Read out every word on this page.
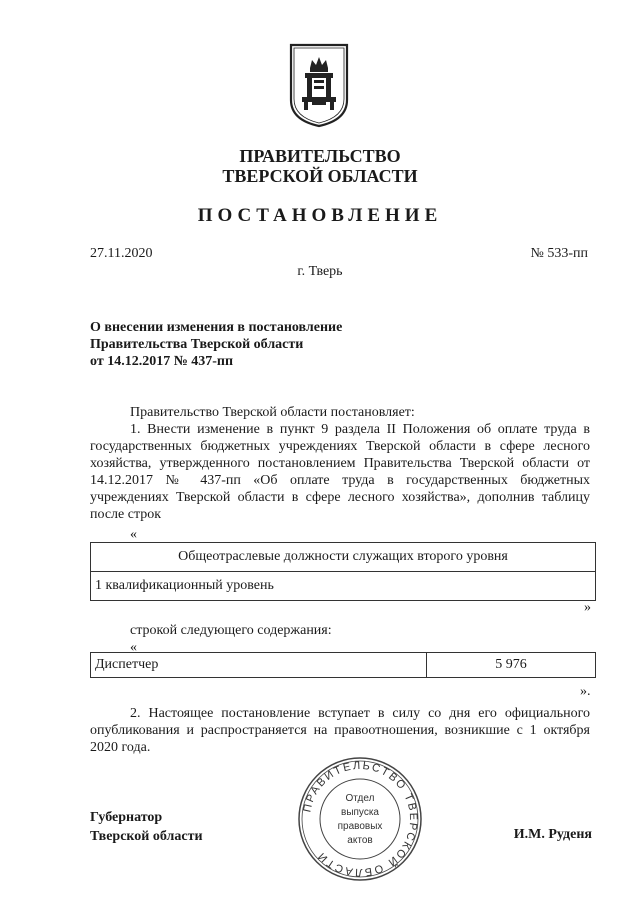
ПРАВИТЕЛЬСТВО
ТВЕРСКОЙ ОБЛАСТИ
ПОСТАНОВЛЕНИЕ
27.11.2020	№ 533-пп
г. Тверь
О внесении изменения в постановление
Правительства Тверской области
от 14.12.2017 № 437-пп
Правительство Тверской области постановляет:
1. Внести изменение в пункт 9 раздела II Положения об оплате труда в государственных бюджетных учреждениях Тверской области в сфере лесного хозяйства, утвержденного постановлением Правительства Тверской области от 14.12.2017 № 437-пп «Об оплате труда в государственных бюджетных учреждениях Тверской области в сфере лесного хозяйства», дополнив таблицу после строк
«
Общеотраслевые должности служащих второго уровня
1 квалификационный уровень
»
строкой следующего содержания:
«
Диспетчер	5 976
».
2. Настоящее постановление вступает в силу со дня его официального опубликования и распространяется на правоотношения, возникшие с 1 октября 2020 года.
ПРАВИТЕЛЬСТВО ТВЕРСКОЙ ОБЛАСТИ
Отдел
выпуска
правовых
актов
Губернатор
Тверской области	И.М. Руденя
